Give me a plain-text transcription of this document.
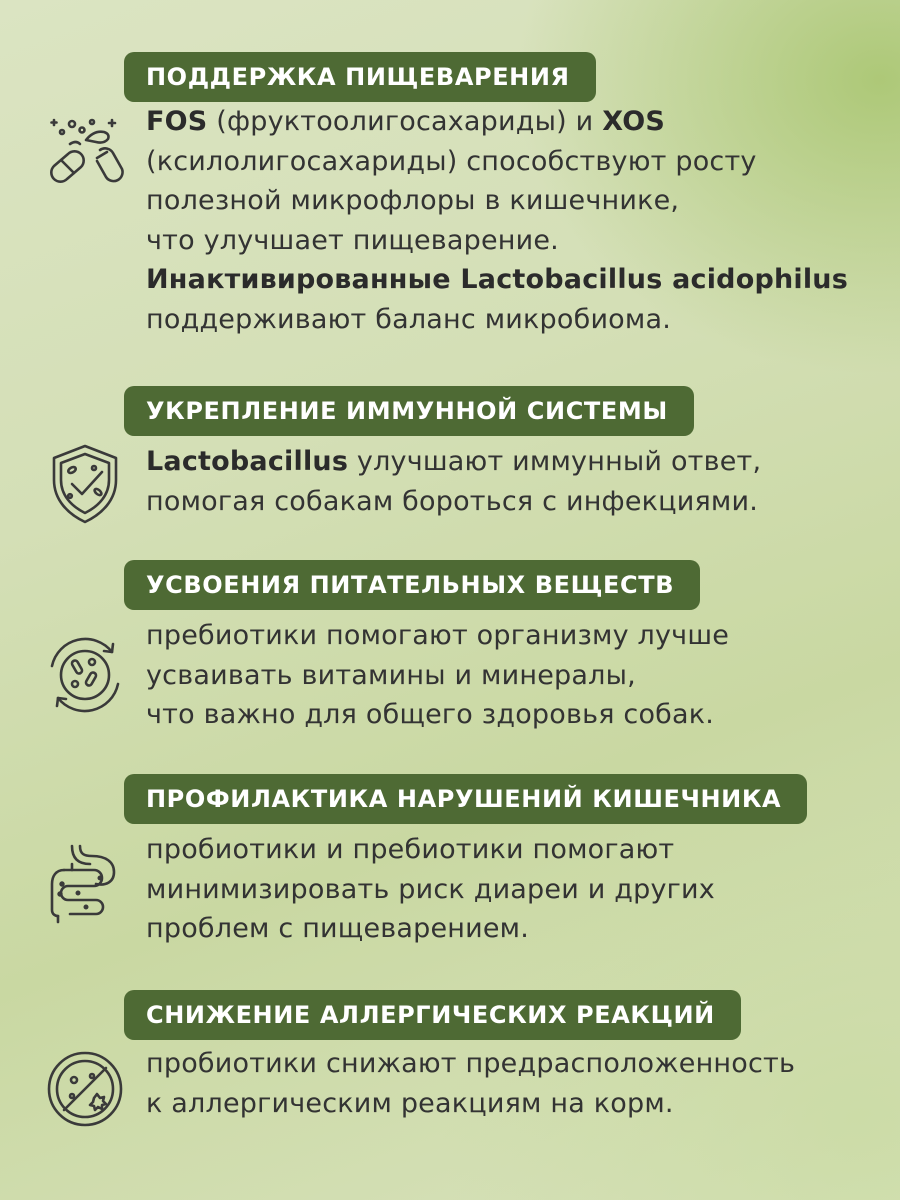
ПОДДЕРЖКА ПИЩЕВАРЕНИЯ

FOS (фруктоолигосахариды) и XOS

(ксилолигосахариды) способствуют росту

полезной микрофлоры в кишечнике,

что улучшает пищеварение.

Инактивированные Lactobacillus acidophilus

поддерживают баланс микробиома.

УКРЕПЛЕНИЕ ИММУННОЙ СИСТЕМЫ

Lactobacillus улучшают иммунный ответ,

помогая собакам бороться с инфекциями.

УСВОЕНИЯ ПИТАТЕЛЬНЫХ ВЕЩЕСТВ

пребиотики помогают организму лучше

усваивать витамины и минералы,

что важно для общего здоровья собак.

ПРОФИЛАКТИКА НАРУШЕНИЙ КИШЕЧНИКА

пробиотики и пребиотики помогают

минимизировать риск диареи и других

проблем с пищеварением.

СНИЖЕНИЕ АЛЛЕРГИЧЕСКИХ РЕАКЦИЙ

пробиотики снижают предрасположенность

к аллергическим реакциям на корм.
